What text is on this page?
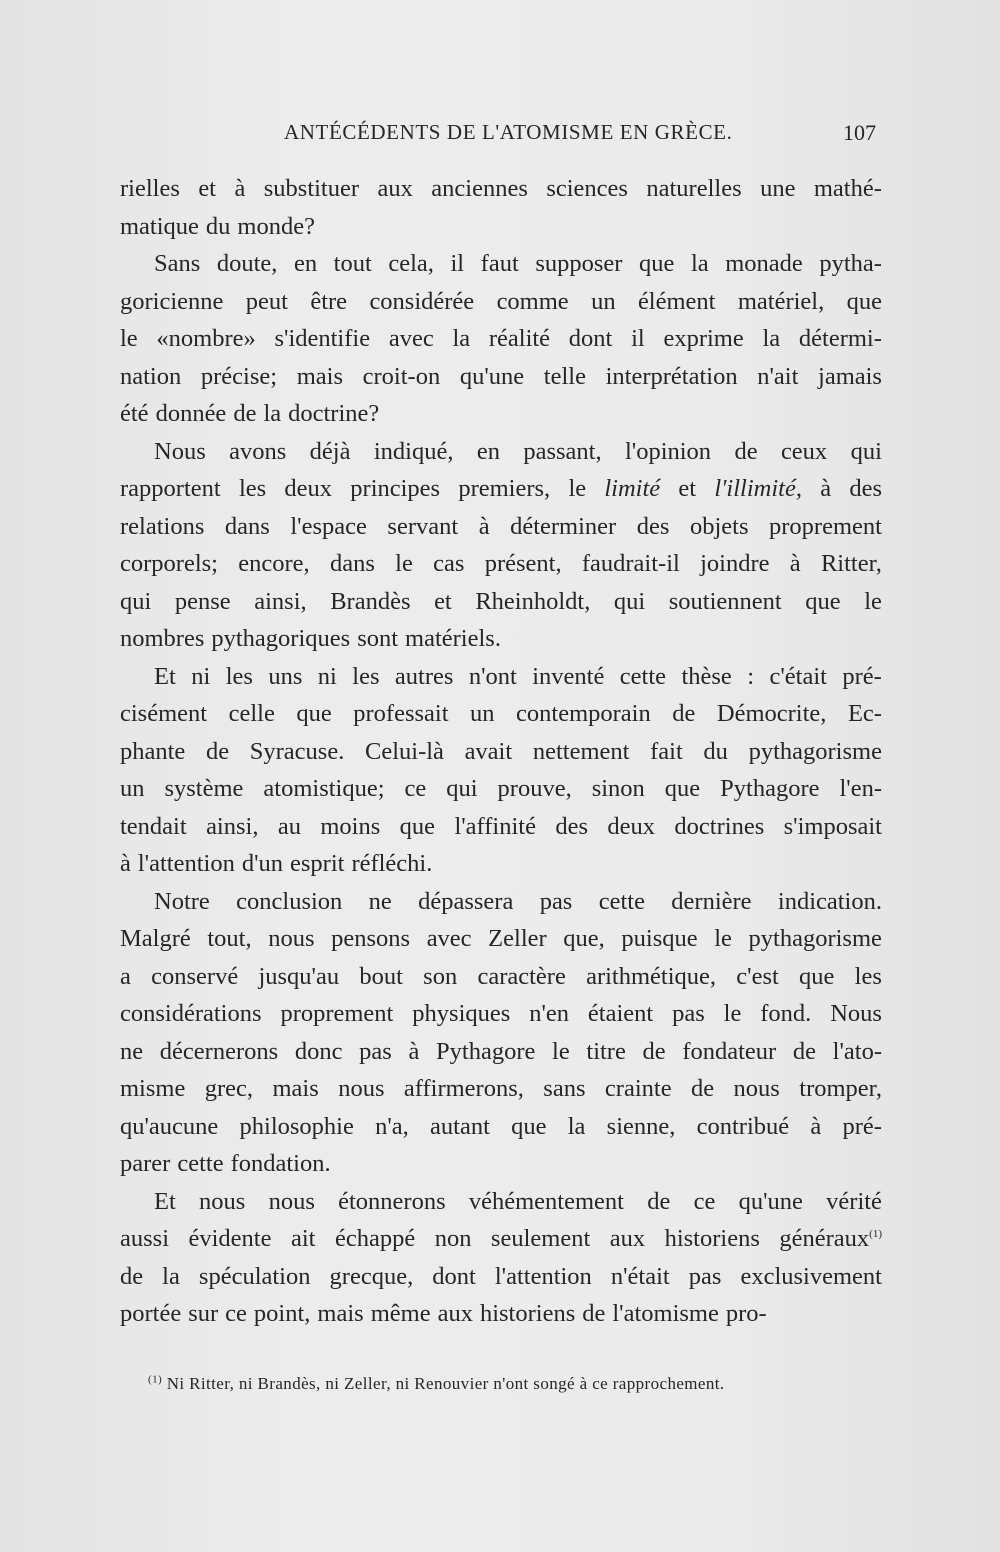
ANTÉCÉDENTS DE L'ATOMISME EN GRÈCE.	107
rielles et à substituer aux anciennes sciences naturelles une mathé-
matique du monde?
Sans doute, en tout cela, il faut supposer que la monade pytha-
goricienne peut être considérée comme un élément matériel, que
le «nombre» s'identifie avec la réalité dont il exprime la détermi-
nation précise; mais croit-on qu'une telle interprétation n'ait jamais
été donnée de la doctrine?
Nous avons déjà indiqué, en passant, l'opinion de ceux qui
rapportent les deux principes premiers, le limité et l'illimité, à des
relations dans l'espace servant à déterminer des objets proprement
corporels; encore, dans le cas présent, faudrait-il joindre à Ritter,
qui pense ainsi, Brandès et Rheinholdt, qui soutiennent que le
nombres pythagoriques sont matériels.
Et ni les uns ni les autres n'ont inventé cette thèse : c'était pré-
cisément celle que professait un contemporain de Démocrite, Ec-
phante de Syracuse. Celui-là avait nettement fait du pythagorisme
un système atomistique; ce qui prouve, sinon que Pythagore l'en-
tendait ainsi, au moins que l'affinité des deux doctrines s'imposait
à l'attention d'un esprit réfléchi.
Notre conclusion ne dépassera pas cette dernière indication.
Malgré tout, nous pensons avec Zeller que, puisque le pythagorisme
a conservé jusqu'au bout son caractère arithmétique, c'est que les
considérations proprement physiques n'en étaient pas le fond. Nous
ne décernerons donc pas à Pythagore le titre de fondateur de l'ato-
misme grec, mais nous affirmerons, sans crainte de nous tromper,
qu'aucune philosophie n'a, autant que la sienne, contribué à pré-
parer cette fondation.
Et nous nous étonnerons véhémentement de ce qu'une vérité
aussi évidente ait échappé non seulement aux historiens généraux$^{(1)}$
de la spéculation grecque, dont l'attention n'était pas exclusivement
portée sur ce point, mais même aux historiens de l'atomisme pro-
$^{(1)}$ Ni Ritter, ni Brandès, ni Zeller, ni Renouvier n'ont songé à ce rapprochement.
